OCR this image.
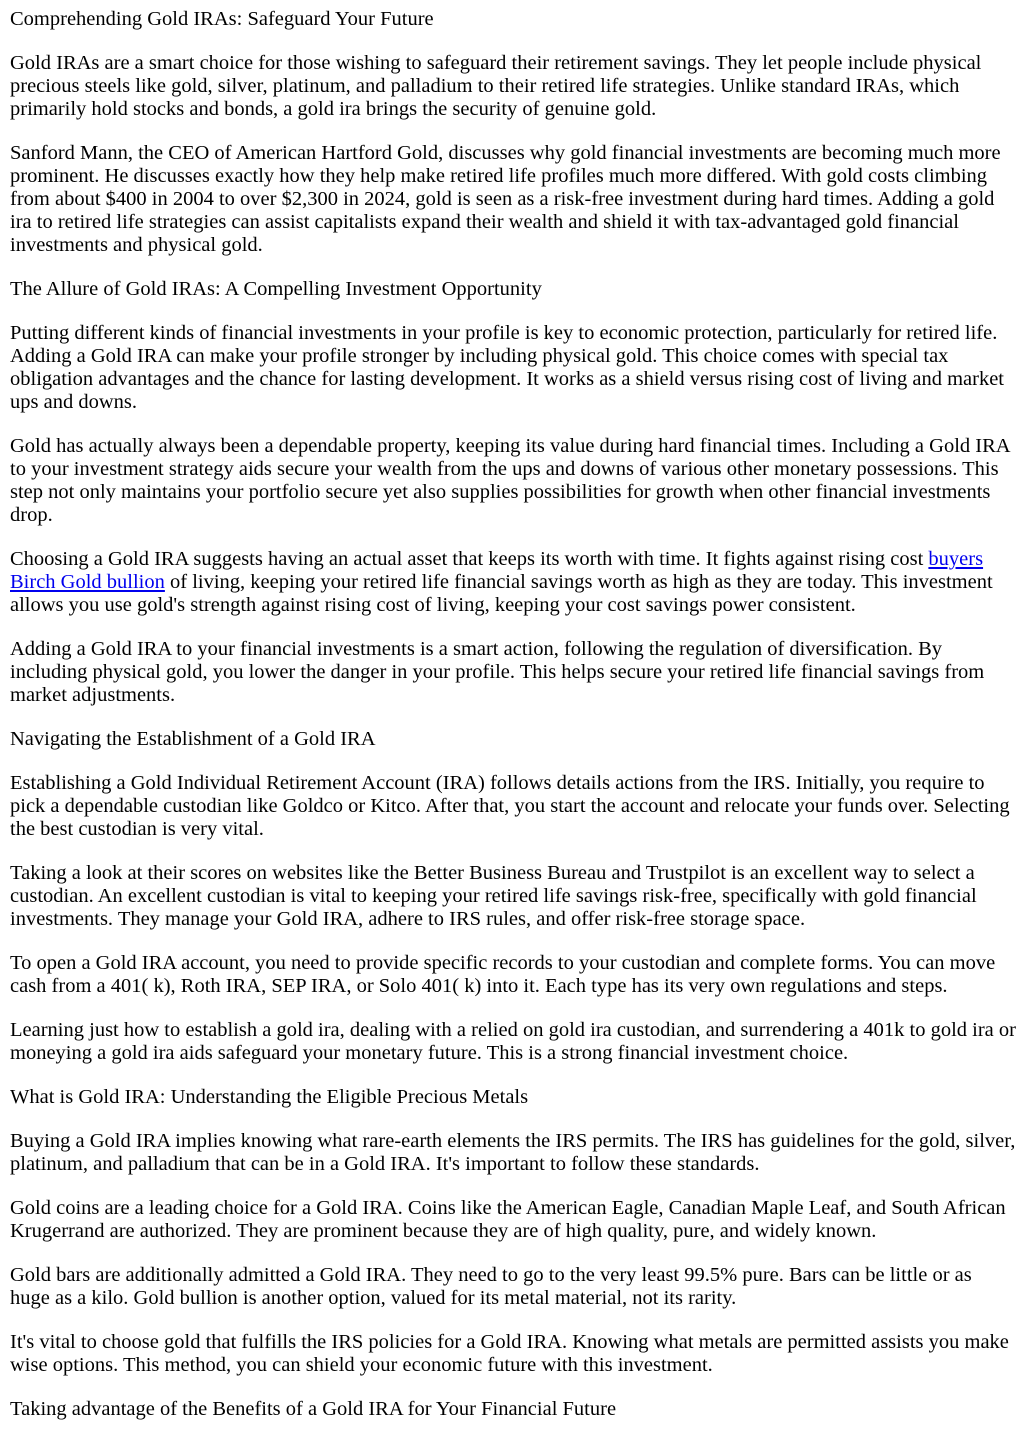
Comprehending Gold IRAs: Safeguard Your Future

Gold IRAs are a smart choice for those wishing to safeguard their retirement savings. They let people include physical precious steels like gold, silver, platinum, and palladium to their retired life strategies. Unlike standard IRAs, which primarily hold stocks and bonds, a gold ira brings the security of genuine gold.

Sanford Mann, the CEO of American Hartford Gold, discusses why gold financial investments are becoming much more prominent. He discusses exactly how they help make retired life profiles much more differed. With gold costs climbing from about $400 in 2004 to over $2,300 in 2024, gold is seen as a risk-free investment during hard times. Adding a gold ira to retired life strategies can assist capitalists expand their wealth and shield it with tax-advantaged gold financial investments and physical gold.

The Allure of Gold IRAs: A Compelling Investment Opportunity

Putting different kinds of financial investments in your profile is key to economic protection, particularly for retired life. Adding a Gold IRA can make your profile stronger by including physical gold. This choice comes with special tax obligation advantages and the chance for lasting development. It works as a shield versus rising cost of living and market ups and downs.

Gold has actually always been a dependable property, keeping its value during hard financial times. Including a Gold IRA to your investment strategy aids secure your wealth from the ups and downs of various other monetary possessions. This step not only maintains your portfolio secure yet also supplies possibilities for growth when other financial investments drop.

Choosing a Gold IRA suggests having an actual asset that keeps its worth with time. It fights against rising cost buyers Birch Gold bullion of living, keeping your retired life financial savings worth as high as they are today. This investment allows you use gold's strength against rising cost of living, keeping your cost savings power consistent.

Adding a Gold IRA to your financial investments is a smart action, following the regulation of diversification. By including physical gold, you lower the danger in your profile. This helps secure your retired life financial savings from market adjustments.

Navigating the Establishment of a Gold IRA

Establishing a Gold Individual Retirement Account (IRA) follows details actions from the IRS. Initially, you require to pick a dependable custodian like Goldco or Kitco. After that, you start the account and relocate your funds over. Selecting the best custodian is very vital.

Taking a look at their scores on websites like the Better Business Bureau and Trustpilot is an excellent way to select a custodian. An excellent custodian is vital to keeping your retired life savings risk-free, specifically with gold financial investments. They manage your Gold IRA, adhere to IRS rules, and offer risk-free storage space.

To open a Gold IRA account, you need to provide specific records to your custodian and complete forms. You can move cash from a 401( k), Roth IRA, SEP IRA, or Solo 401( k) into it. Each type has its very own regulations and steps.

Learning just how to establish a gold ira, dealing with a relied on gold ira custodian, and surrendering a 401k to gold ira or moneying a gold ira aids safeguard your monetary future. This is a strong financial investment choice.

What is Gold IRA: Understanding the Eligible Precious Metals

Buying a Gold IRA implies knowing what rare-earth elements the IRS permits. The IRS has guidelines for the gold, silver, platinum, and palladium that can be in a Gold IRA. It's important to follow these standards.

Gold coins are a leading choice for a Gold IRA. Coins like the American Eagle, Canadian Maple Leaf, and South African Krugerrand are authorized. They are prominent because they are of high quality, pure, and widely known.

Gold bars are additionally admitted a Gold IRA. They need to go to the very least 99.5% pure. Bars can be little or as huge as a kilo. Gold bullion is another option, valued for its metal material, not its rarity.

It's vital to choose gold that fulfills the IRS policies for a Gold IRA. Knowing what metals are permitted assists you make wise options. This method, you can shield your economic future with this investment.

Taking advantage of the Benefits of a Gold IRA for Your Financial Future
